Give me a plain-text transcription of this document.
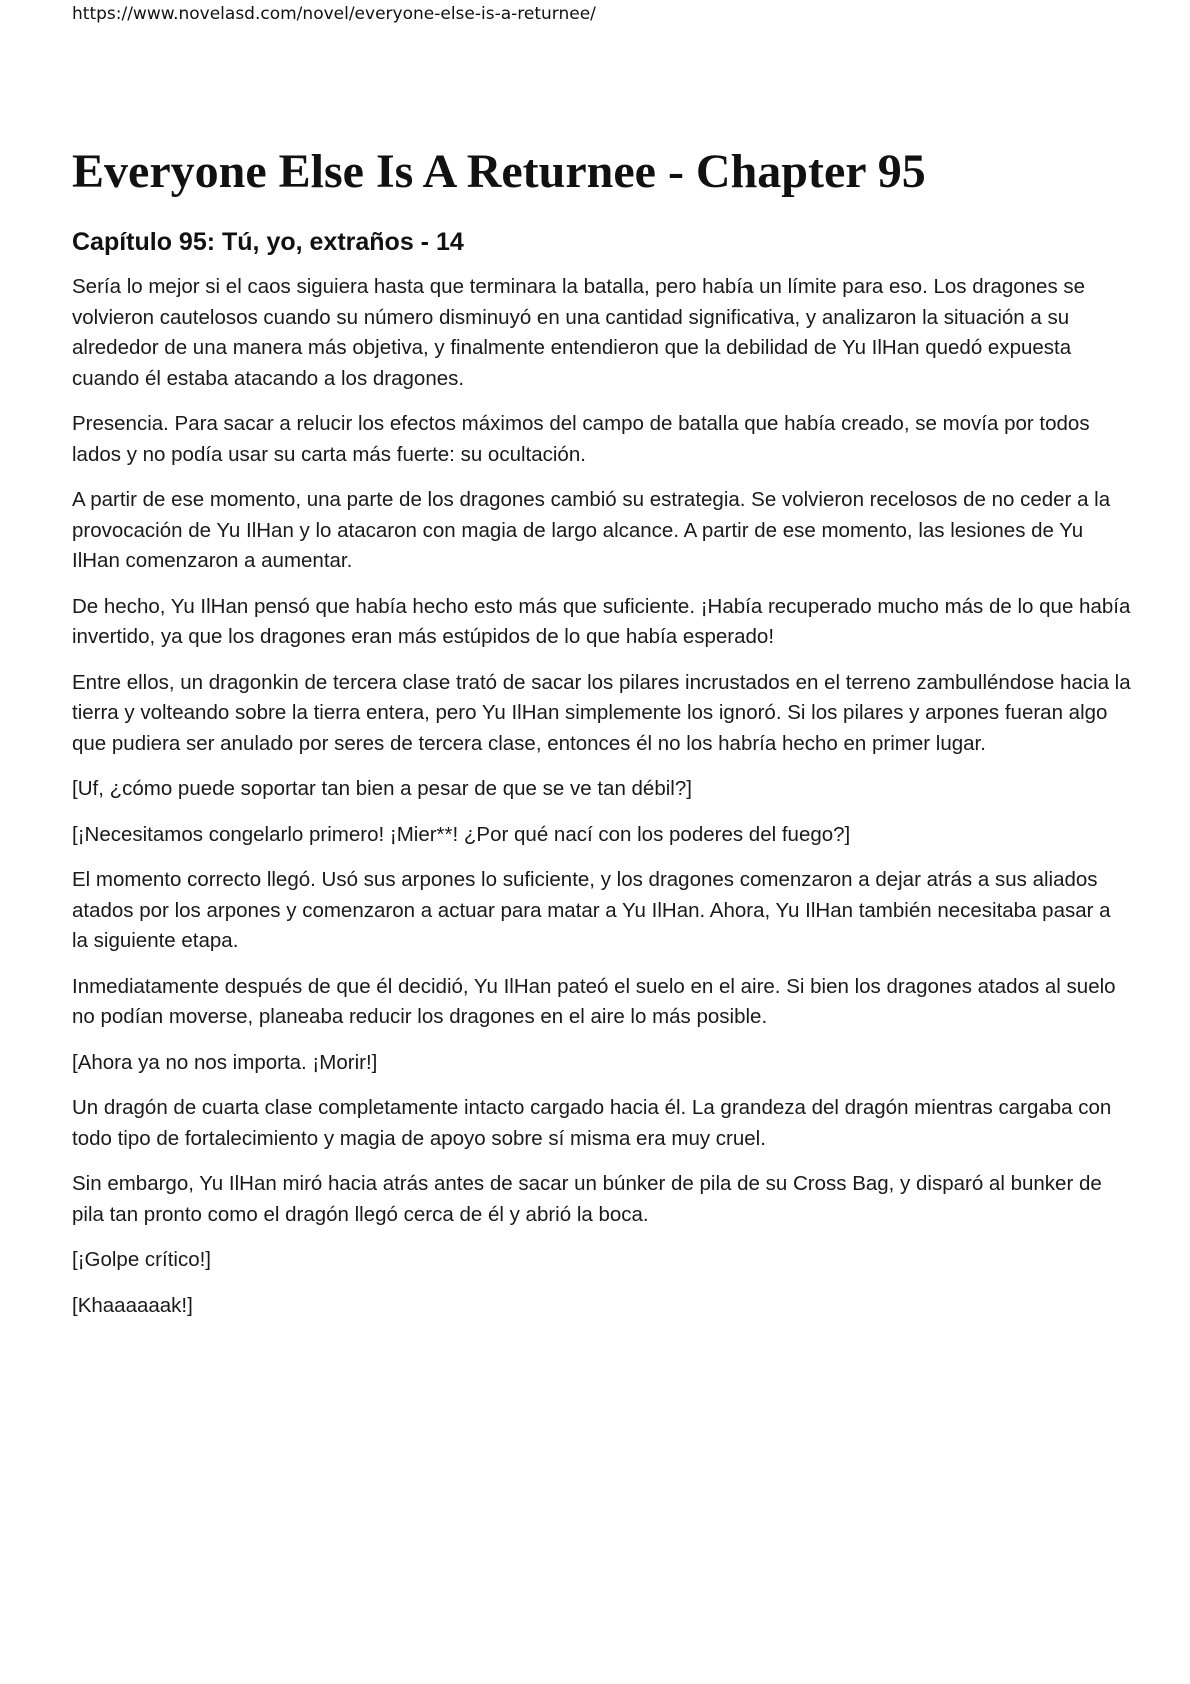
https://www.novelasd.com/novel/everyone-else-is-a-returnee/
Everyone Else Is A Returnee - Chapter 95
Capítulo 95: Tú, yo, extraños - 14

Sería lo mejor si el caos siguiera hasta que terminara la batalla, pero había un límite para eso. Los dragones se volvieron cautelosos cuando su número disminuyó en una cantidad significativa, y analizaron la situación a su alrededor de una manera más objetiva, y finalmente entendieron que la debilidad de Yu IlHan quedó expuesta cuando él estaba atacando a los dragones.

Presencia. Para sacar a relucir los efectos máximos del campo de batalla que había creado, se movía por todos lados y no podía usar su carta más fuerte: su ocultación.

A partir de ese momento, una parte de los dragones cambió su estrategia. Se volvieron recelosos de no ceder a la provocación de Yu IlHan y lo atacaron con magia de largo alcance. A partir de ese momento, las lesiones de Yu IlHan comenzaron a aumentar.

De hecho, Yu IlHan pensó que había hecho esto más que suficiente. ¡Había recuperado mucho más de lo que había invertido, ya que los dragones eran más estúpidos de lo que había esperado!

Entre ellos, un dragonkin de tercera clase trató de sacar los pilares incrustados en el terreno zambulléndose hacia la tierra y volteando sobre la tierra entera, pero Yu IlHan simplemente los ignoró. Si los pilares y arpones fueran algo que pudiera ser anulado por seres de tercera clase, entonces él no los habría hecho en primer lugar.

[Uf, ¿cómo puede soportar tan bien a pesar de que se ve tan débil?]

[¡Necesitamos congelarlo primero! ¡Mier**! ¿Por qué nací con los poderes del fuego?]

El momento correcto llegó. Usó sus arpones lo suficiente, y los dragones comenzaron a dejar atrás a sus aliados atados por los arpones y comenzaron a actuar para matar a Yu IlHan. Ahora, Yu IlHan también necesitaba pasar a la siguiente etapa.

Inmediatamente después de que él decidió, Yu IlHan pateó el suelo en el aire. Si bien los dragones atados al suelo no podían moverse, planeaba reducir los dragones en el aire lo más posible.

[Ahora ya no nos importa. ¡Morir!]

Un dragón de cuarta clase completamente intacto cargado hacia él. La grandeza del dragón mientras cargaba con todo tipo de fortalecimiento y magia de apoyo sobre sí misma era muy cruel.

Sin embargo, Yu IlHan miró hacia atrás antes de sacar un búnker de pila de su Cross Bag, y disparó al bunker de pila tan pronto como el dragón llegó cerca de él y abrió la boca.

[¡Golpe crítico!]

[Khaaaaaak!]
